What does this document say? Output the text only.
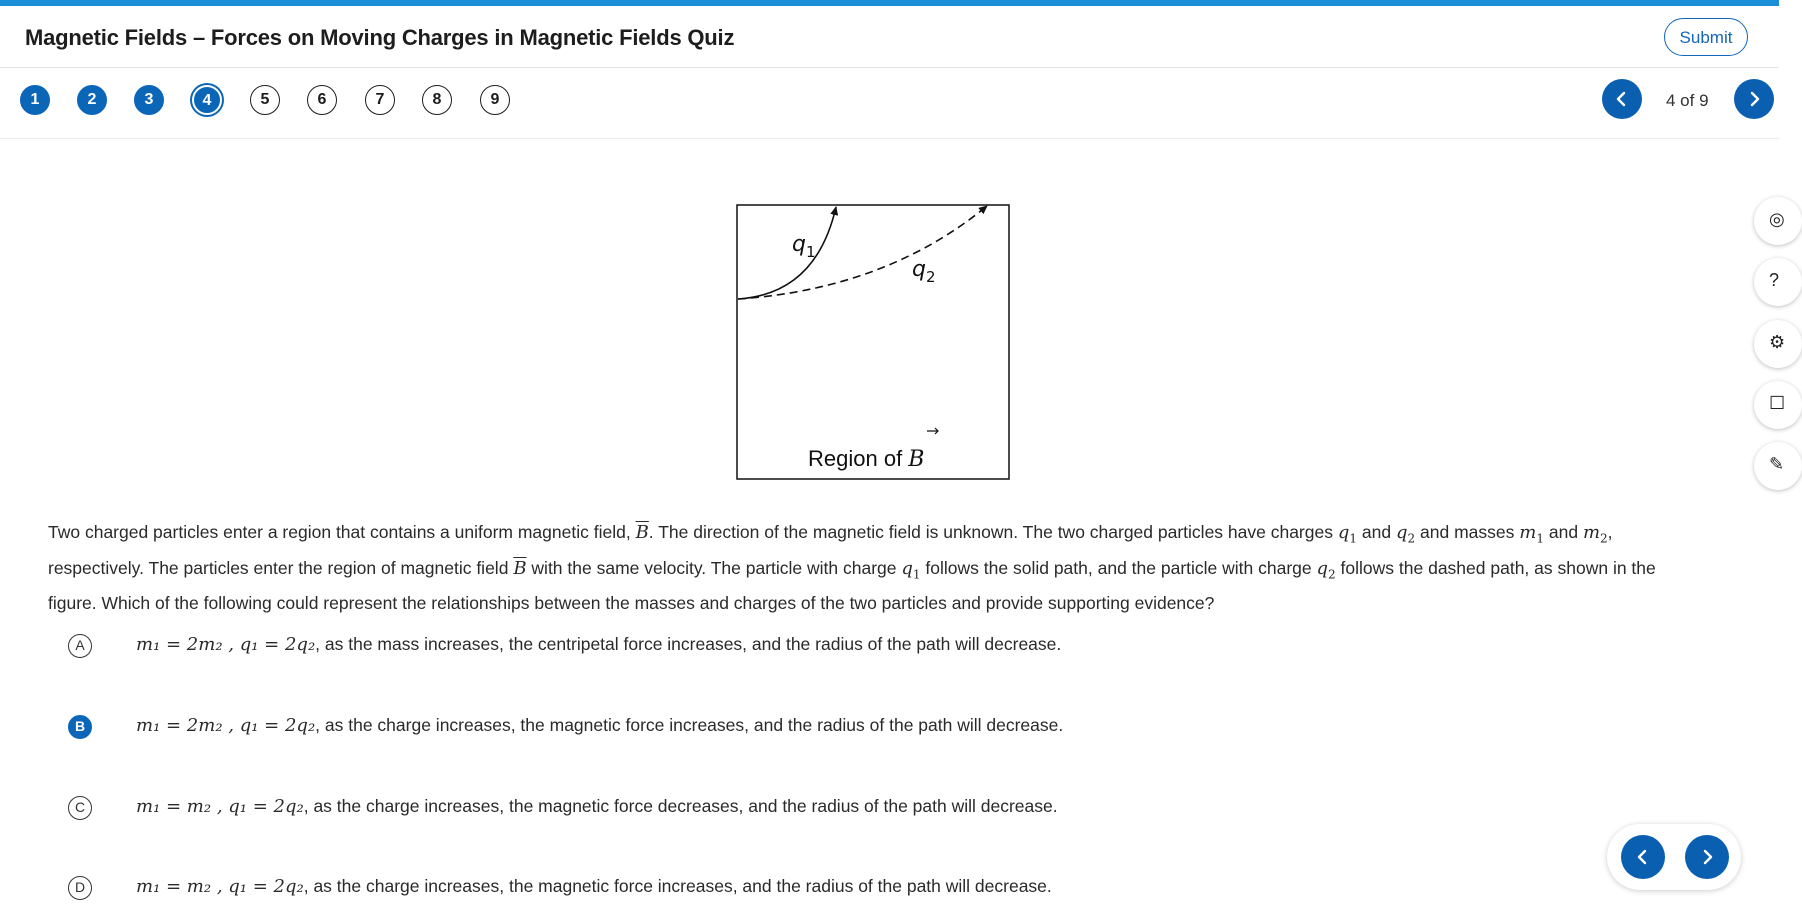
Magnetic Fields – Forces on Moving Charges in Magnetic Fields Quiz	Submit
1	2	3	4	5	6	7	8	9	4 of 9
$q_1$
$q_2$
Region of B
Two charged particles enter a region that contains a uniform magnetic field, $\overline{B}$. The direction of the magnetic field is unknown. The two charged particles have charges $q_1$ and $q_2$ and masses $m_1$ and $m_2$, respectively. The particles enter the region of magnetic field $\overline{B}$ with the same velocity. The particle with charge $q_1$ follows the solid path, and the particle with charge $q_2$ follows the dashed path, as shown in the figure. Which of the following could represent the relationships between the masses and charges of the two particles and provide supporting evidence?
A	m₁ = 2m₂ , q₁ = 2q₂, as the mass increases, the centripetal force increases, and the radius of the path will decrease.
B	m₁ = 2m₂ , q₁ = 2q₂, as the charge increases, the magnetic force increases, and the radius of the path will decrease.
C	m₁ = m₂ , q₁ = 2q₂, as the charge increases, the magnetic force decreases, and the radius of the path will decrease.
D	m₁ = m₂ , q₁ = 2q₂, as the charge increases, the magnetic force increases, and the radius of the path will decrease.
◎
?
⚙
☐
✎
